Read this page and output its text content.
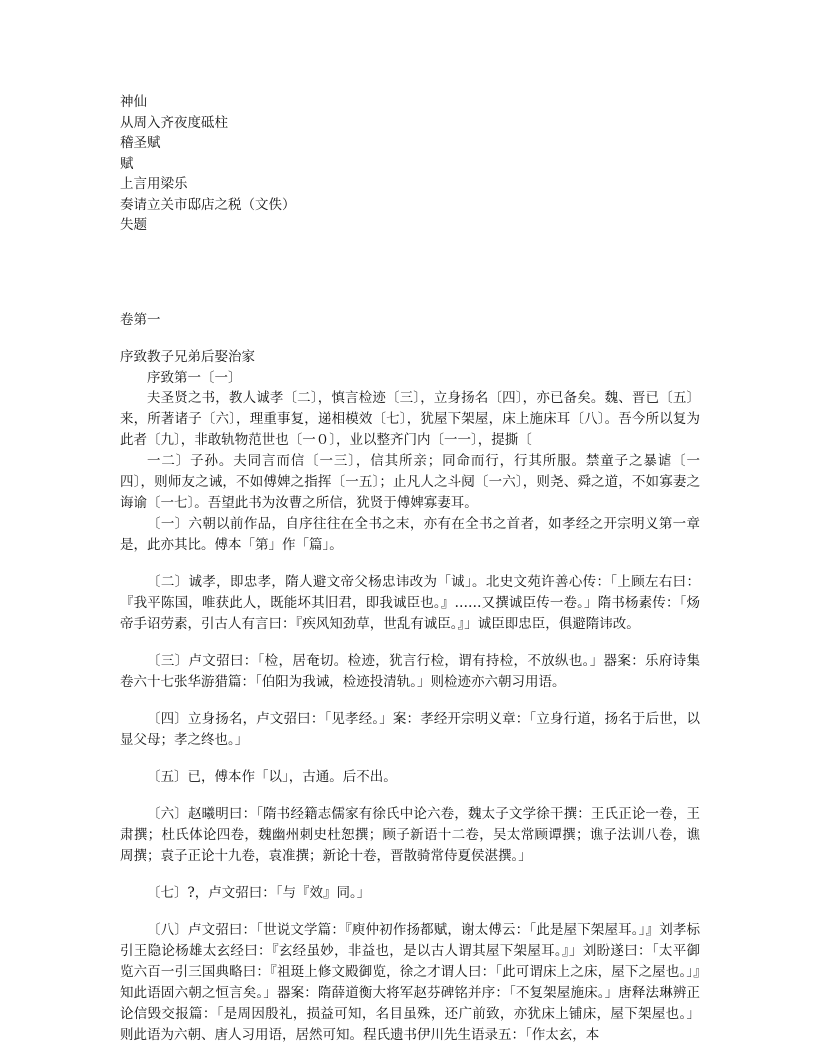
神仙
从周入齐夜度砥柱
稽圣赋
赋
上言用梁乐
奏请立关市邸店之税（文佚）
失题
卷第一
序致教子兄弟后娶治家
序致第一〔一〕

夫圣贤之书，教人诚孝〔二〕，慎言检迹〔三〕，立身扬名〔四〕，亦已备矣。魏、晋已〔五〕来，所著诸子〔六〕，理重事复，递相模效〔七〕，犹屋下架屋，床上施床耳〔八〕。吾今所以复为此者〔九〕，非敢轨物范世也〔一０〕，业以整齐门内〔一一〕，提撕〔

一二〕子孙。夫同言而信〔一三〕，信其所亲；同命而行，行其所服。禁童子之暴谑〔一四〕，则师友之诫，不如傅婢之指挥〔一五〕；止凡人之斗阋〔一六〕，则尧、舜之道，不如寡妻之诲谕〔一七〕。吾望此书为汝曹之所信，犹贤于傅婢寡妻耳。

〔一〕六朝以前作品，自序往往在全书之末，亦有在全书之首者，如孝经之开宗明义第一章是，此亦其比。傅本「第」作「篇」。

〔二〕诚孝，即忠孝，隋人避文帝父杨忠讳改为「诚」。北史文苑许善心传：「上顾左右曰：『我平陈国，唯获此人，既能坏其旧君，即我诚臣也。』……又撰诚臣传一卷。」隋书杨素传：「炀帝手诏劳素，引古人有言曰：『疾风知劲草，世乱有诚臣。』」诚臣即忠臣，俱避隋讳改。

〔三〕卢文弨曰：「检，居奄切。检迹，犹言行检，谓有持检，不放纵也。」器案：乐府诗集卷六十七张华游猎篇：「伯阳为我诫，检迹投清轨。」则检迹亦六朝习用语。

〔四〕立身扬名，卢文弨曰：「见孝经。」案：孝经开宗明义章：「立身行道，扬名于后世，以显父母；孝之终也。」

〔五〕已，傅本作「以」，古通。后不出。

〔六〕赵曦明曰：「隋书经籍志儒家有徐氏中论六卷，魏太子文学徐干撰：王氏正论一卷，王肃撰；杜氏体论四卷，魏幽州刺史杜恕撰；顾子新语十二卷，吴太常顾谭撰；谯子法训八卷，谯周撰；袁子正论十九卷，袁准撰；新论十卷，晋散骑常侍夏侯湛撰。」

〔七〕?，卢文弨曰：「与『效』同。」

〔八〕卢文弨曰：「世说文学篇：『庾仲初作扬都赋，谢太傅云：「此是屋下架屋耳。」』刘孝标引王隐论杨雄太玄经曰：『玄经虽妙，非益也，是以古人谓其屋下架屋耳。』」刘盼遂曰：「太平御览六百一引三国典略曰：『祖珽上修文殿御览，徐之才谓人曰：「此可谓床上之床，屋下之屋也。」』知此语固六朝之恒言矣。」器案：隋薛道衡大将军赵芬碑铭并序：「不复架屋施床。」唐释法琳辨正论信毁交报篇：「是周因殷礼，损益可知，名目虽殊，还广前致，亦犹床上铺床，屋下架屋也。」则此语为六朝、唐人习用语，居然可知。程氏遗书伊川先生语录五：「作太玄，本
